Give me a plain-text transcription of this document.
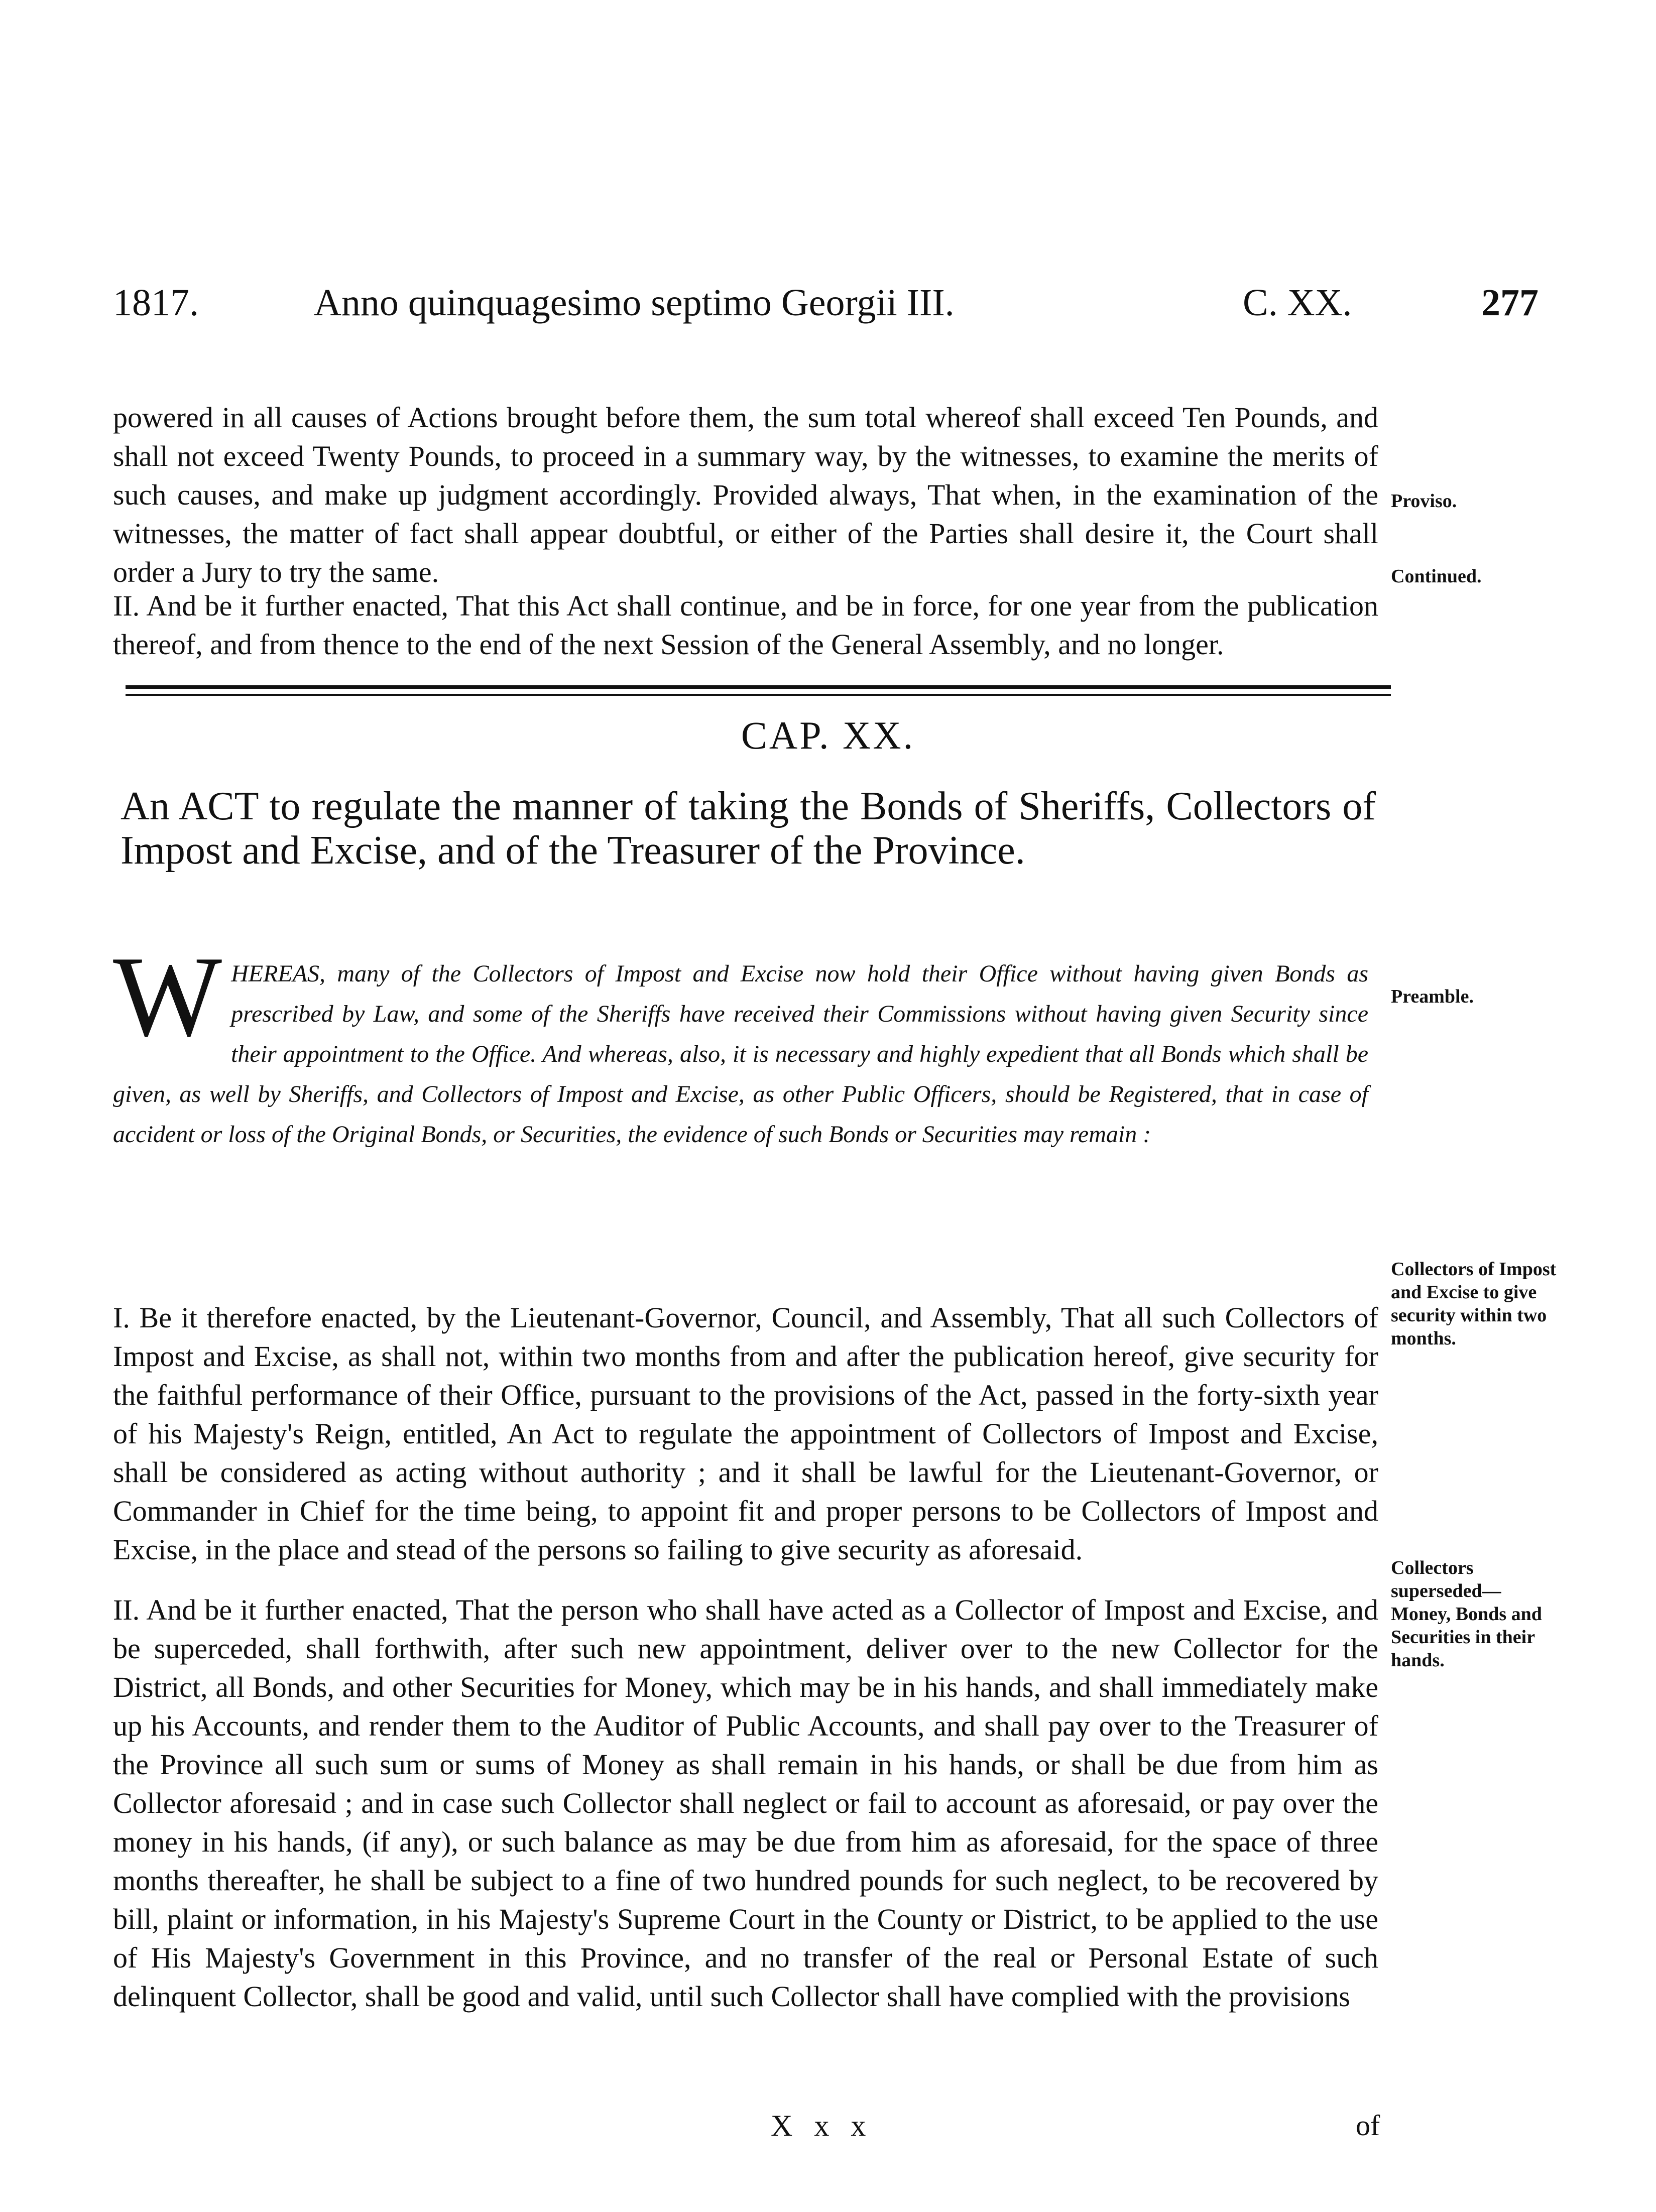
1817.	Anno quinquagesimo septimo Georgii III.	C. XX.	277

powered in all causes of Actions brought before them, the sum total whereof shall exceed Ten Pounds, and shall not exceed Twenty Pounds, to proceed in a summary way, by the witnesses, to examine the merits of such causes, and make up judgment accordingly. Provided always, That when, in the examination of the witnesses, the matter of fact shall appear doubtful, or either of the Parties shall desire it, the Court shall order a Jury to try the same.

II. And be it further enacted, That this Act shall continue, and be in force, for one year from the publication thereof, and from thence to the end of the next Session of the General Assembly, and no longer.

Proviso.
Continued.
CAP. XX.
An ACT to regulate the manner of taking the Bonds of Sheriffs, Collectors of Impost and Excise, and of the Treasurer of the Province.
W HEREAS, many of the Collectors of Impost and Excise now hold their Office without having given Bonds as prescribed by Law, and some of the Sheriffs have received their Commissions without having given Security since their appointment to the Office. And whereas, also, it is necessary and highly expedient that all Bonds which shall be given, as well by Sheriffs, and Collectors of Impost and Excise, as other Public Officers, should be Registered, that in case of accident or loss of the Original Bonds, or Securities, the evidence of such Bonds or Securities may remain :
Preamble.

I. Be it therefore enacted, by the Lieutenant-Governor, Council, and Assembly, That all such Collectors of Impost and Excise, as shall not, within two months from and after the publication hereof, give security for the faithful performance of their Office, pursuant to the provisions of the Act, passed in the forty-sixth year of his Majesty's Reign, entitled, An Act to regulate the appointment of Collectors of Impost and Excise, shall be considered as acting without authority ; and it shall be lawful for the Lieutenant-Governor, or Commander in Chief for the time being, to appoint fit and proper persons to be Collectors of Impost and Excise, in the place and stead of the persons so failing to give security as aforesaid.

Collectors of Impost and Excise to give security within two months.

II. And be it further enacted, That the person who shall have acted as a Collector of Impost and Excise, and be superceded, shall forthwith, after such new appointment, deliver over to the new Collector for the District, all Bonds, and other Securities for Money, which may be in his hands, and shall immediately make up his Accounts, and render them to the Auditor of Public Accounts, and shall pay over to the Treasurer of the Province all such sum or sums of Money as shall remain in his hands, or shall be due from him as Collector aforesaid ; and in case such Collector shall neglect or fail to account as aforesaid, or pay over the money in his hands, (if any), or such balance as may be due from him as aforesaid, for the space of three months thereafter, he shall be subject to a fine of two hundred pounds for such neglect, to be recovered by bill, plaint or information, in his Majesty's Supreme Court in the County or District, to be applied to the use of His Majesty's Government in this Province, and no transfer of the real or Personal Estate of such delinquent Collector, shall be good and valid, until such Collector shall have complied with the provisions

Collectors superseded—Money, Bonds and Securities in their hands.
X x x	of
